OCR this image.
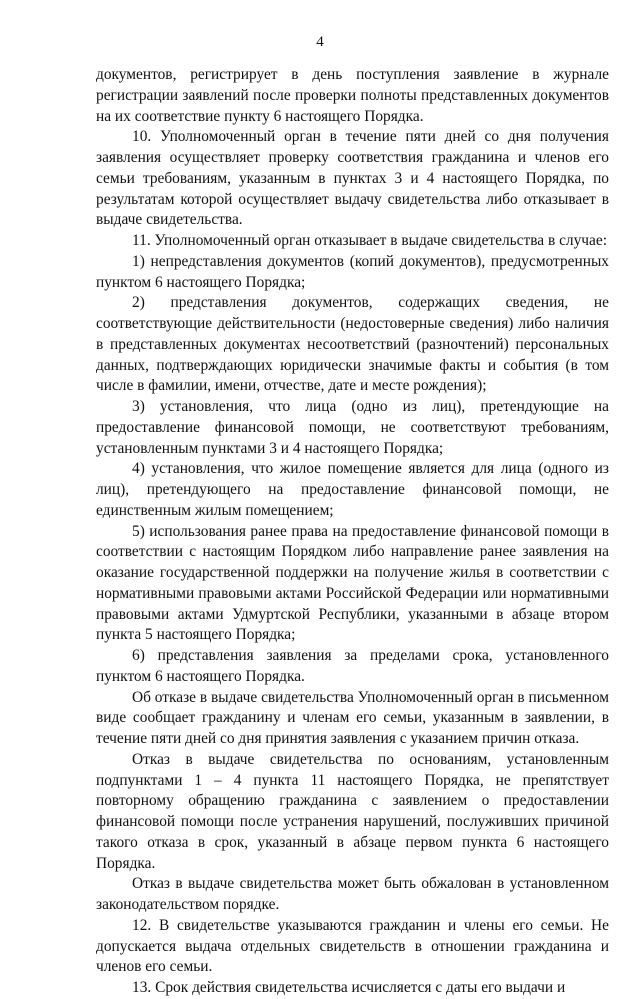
4

документов, регистрирует в день поступления заявление в журнале регистрации заявлений после проверки полноты представленных документов на их соответствие пункту 6 настоящего Порядка.

10. Уполномоченный орган в течение пяти дней со дня получения заявления осуществляет проверку соответствия гражданина и членов его семьи требованиям, указанным в пунктах 3 и 4 настоящего Порядка, по результатам которой осуществляет выдачу свидетельства либо отказывает в выдаче свидетельства.

11. Уполномоченный орган отказывает в выдаче свидетельства в случае:

1) непредставления документов (копий документов), предусмотренных пунктом 6 настоящего Порядка;

2) представления документов, содержащих сведения, не соответствующие действительности (недостоверные сведения) либо наличия в представленных документах несоответствий (разночтений) персональных данных, подтверждающих юридически значимые факты и события (в том числе в фамилии, имени, отчестве, дате и месте рождения);

3) установления, что лица (одно из лиц), претендующие на предоставление финансовой помощи, не соответствуют требованиям, установленным пунктами 3 и 4 настоящего Порядка;

4) установления, что жилое помещение является для лица (одного из лиц), претендующего на предоставление финансовой помощи, не единственным жилым помещением;

5) использования ранее права на предоставление финансовой помощи в соответствии с настоящим Порядком либо направление ранее заявления на оказание государственной поддержки на получение жилья в соответствии с нормативными правовыми актами Российской Федерации или нормативными правовыми актами Удмуртской Республики, указанными в абзаце втором пункта 5 настоящего Порядка;

6) представления заявления за пределами срока, установленного пунктом 6 настоящего Порядка.

Об отказе в выдаче свидетельства Уполномоченный орган в письменном виде сообщает гражданину и членам его семьи, указанным в заявлении, в течение пяти дней со дня принятия заявления с указанием причин отказа.

Отказ в выдаче свидетельства по основаниям, установленным подпунктами 1 – 4 пункта 11 настоящего Порядка, не препятствует повторному обращению гражданина с заявлением о предоставлении финансовой помощи после устранения нарушений, послуживших причиной такого отказа в срок, указанный в абзаце первом пункта 6 настоящего Порядка.

Отказ в выдаче свидетельства может быть обжалован в установленном законодательством порядке.

12. В свидетельстве указываются гражданин и члены его семьи. Не допускается выдача отдельных свидетельств в отношении гражданина и членов его семьи.

13. Срок действия свидетельства исчисляется с даты его выдачи и
